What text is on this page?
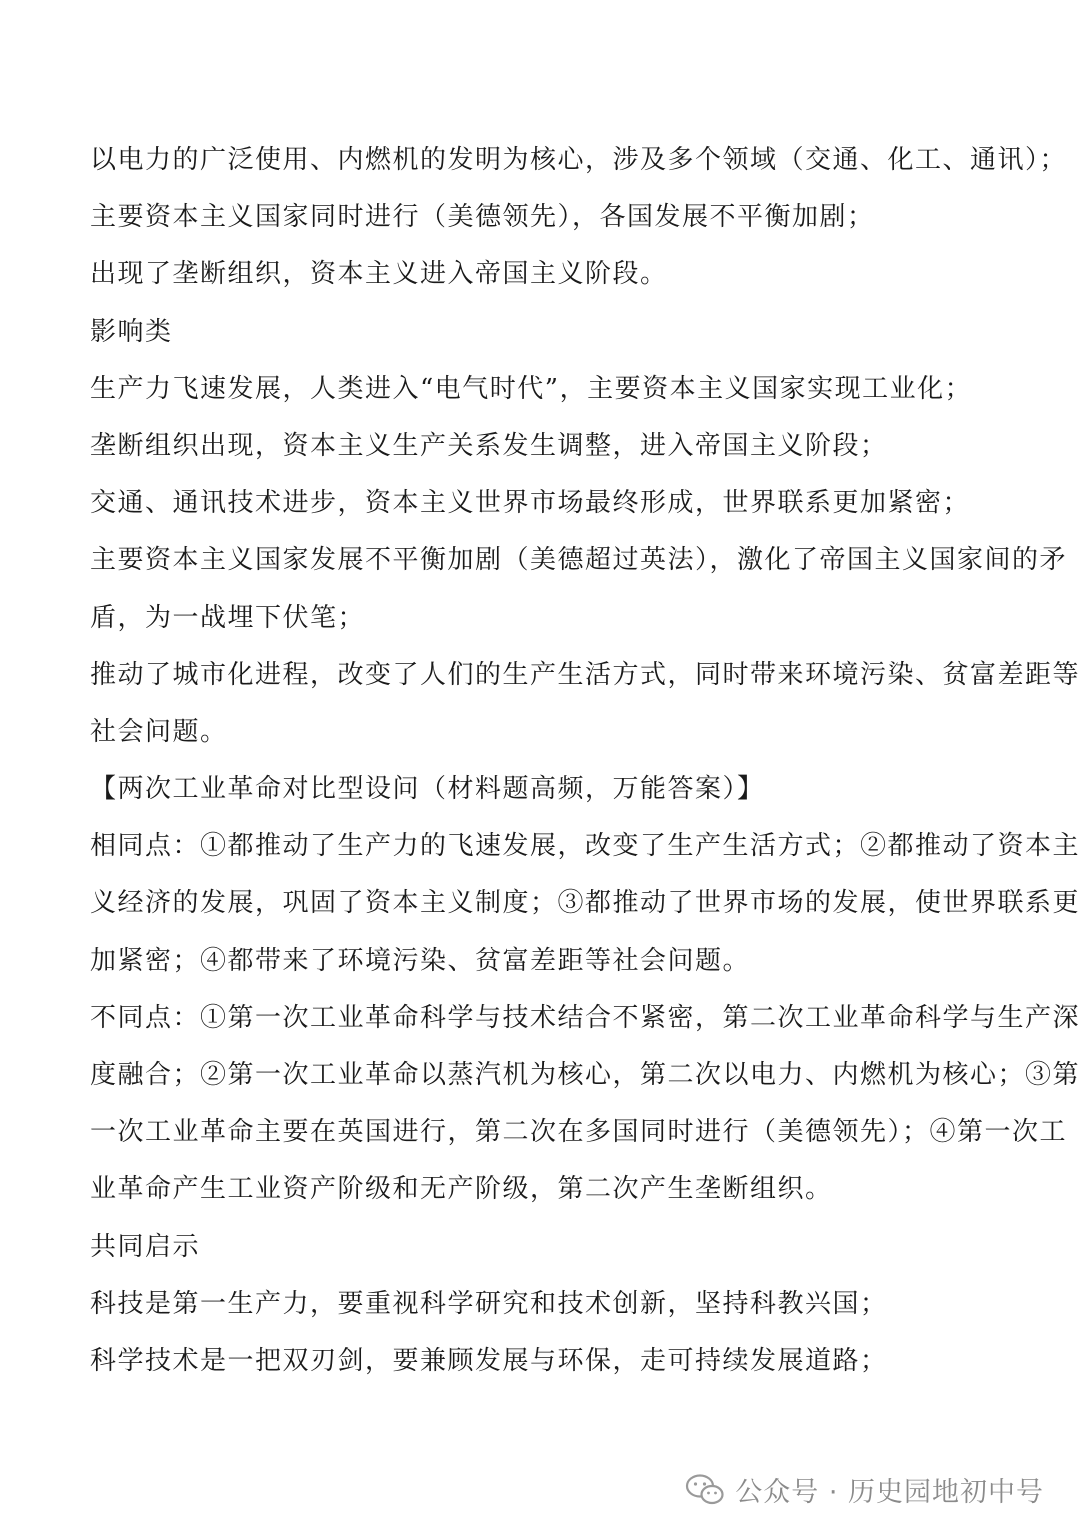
以电力的广泛使用、内燃机的发明为核心，涉及多个领域（交通、化工、通讯）；
主要资本主义国家同时进行（美德领先），各国发展不平衡加剧；
出现了垄断组织，资本主义进入帝国主义阶段。
影响类
生产力飞速发展，人类进入“电气时代”，主要资本主义国家实现工业化；
垄断组织出现，资本主义生产关系发生调整，进入帝国主义阶段；
交通、通讯技术进步，资本主义世界市场最终形成，世界联系更加紧密；
主要资本主义国家发展不平衡加剧（美德超过英法），激化了帝国主义国家间的矛
盾，为一战埋下伏笔；
推动了城市化进程，改变了人们的生产生活方式，同时带来环境污染、贫富差距等
社会问题。
【两次工业革命对比型设问（材料题高频，万能答案）】
相同点：①都推动了生产力的飞速发展，改变了生产生活方式；②都推动了资本主
义经济的发展，巩固了资本主义制度；③都推动了世界市场的发展，使世界联系更
加紧密；④都带来了环境污染、贫富差距等社会问题。
不同点：①第一次工业革命科学与技术结合不紧密，第二次工业革命科学与生产深
度融合；②第一次工业革命以蒸汽机为核心，第二次以电力、内燃机为核心；③第
一次工业革命主要在英国进行，第二次在多国同时进行（美德领先）；④第一次工
业革命产生工业资产阶级和无产阶级，第二次产生垄断组织。
共同启示
科技是第一生产力，要重视科学研究和技术创新，坚持科教兴国；
科学技术是一把双刃剑，要兼顾发展与环保，走可持续发展道路；
公众号 · 历史园地初中号
